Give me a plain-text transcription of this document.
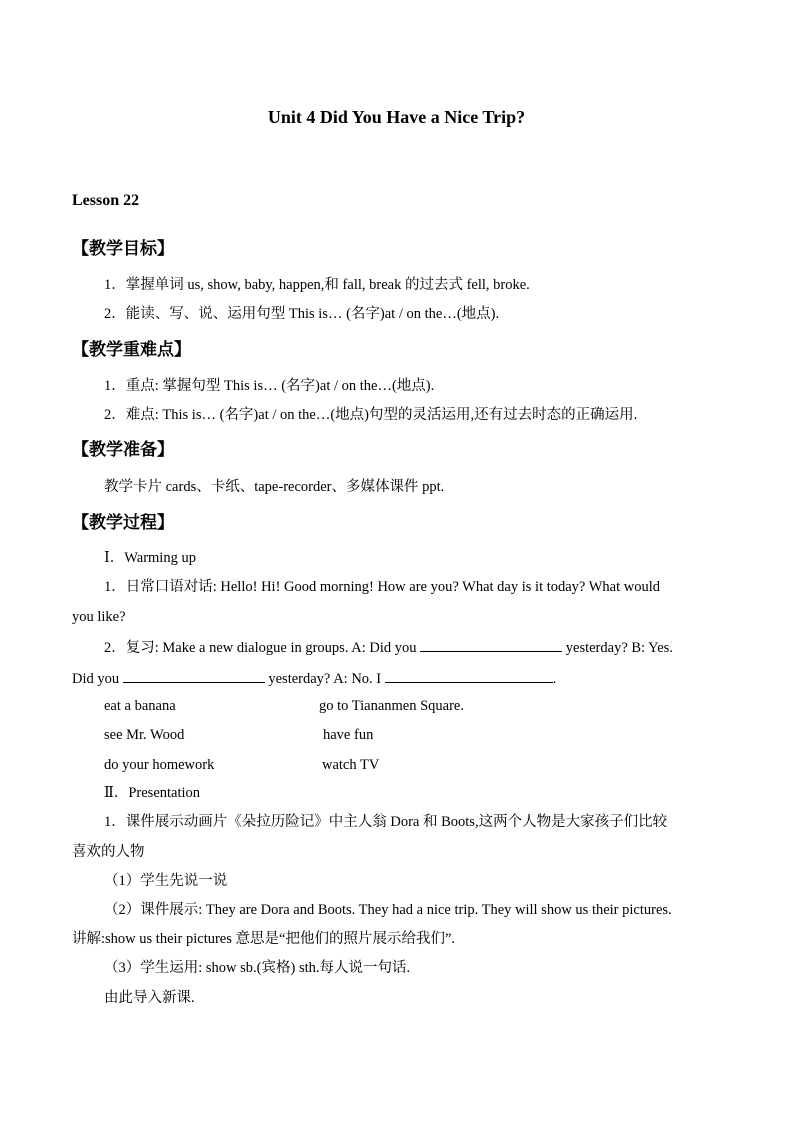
Unit 4 Did You Have a Nice Trip?
Lesson 22
【教学目标】
1．掌握单词 us, show, baby, happen,和 fall, break 的过去式 fell, broke.
2．能读、写、说、运用句型 This is… (名字)at / on the…(地点).
【教学重难点】
1．重点: 掌握句型 This is… (名字)at / on the…(地点).
2．难点: This is… (名字)at / on the…(地点)句型的灵活运用,还有过去时态的正确运用.
【教学准备】
教学卡片 cards、卡纸、tape-recorder、多媒体课件 ppt.
【教学过程】
Ⅰ．Warming up
1．日常口语对话: Hello! Hi! Good morning! How are you? What day is it today? What would
you like?
2．复习: Make a new dialogue in groups. A: Did you	yesterday? B: Yes.
Did you	yesterday? A: No. I	.
eat a banana	go to Tiananmen Square.
see Mr. Wood	have fun
do your homework	watch TV
Ⅱ．Presentation
1．课件展示动画片《朵拉历险记》中主人翁 Dora 和 Boots,这两个人物是大家孩子们比较
喜欢的人物
（1）学生先说一说
（2）课件展示: They are Dora and Boots. They had a nice trip. They will show us their pictures.
讲解:show us their pictures 意思是“把他们的照片展示给我们”.
（3）学生运用: show sb.(宾格) sth.每人说一句话.
由此导入新课.
